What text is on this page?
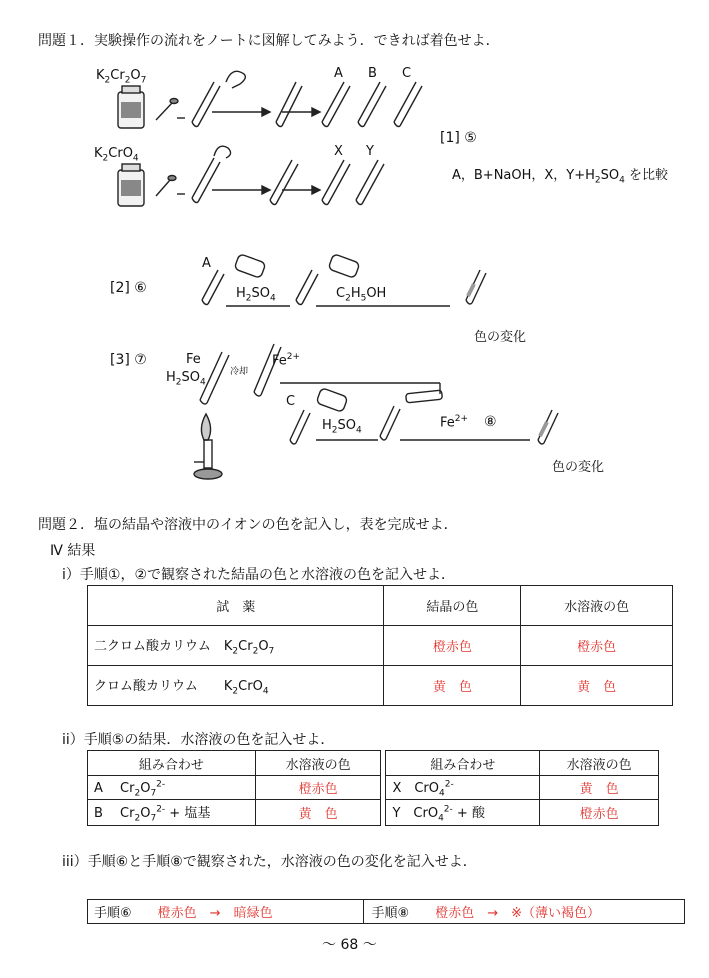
問題１．実験操作の流れをノートに図解してみよう．できれば着色せよ．
$K_2Cr_2O_7$
$K_2CrO_4$
A B C
X Y
[1] ⑤
A，B+NaOH，X，$Y+H_2SO_4$ を比較
[2] ⑥
A
$H_2SO_4$	$C_2H_5OH$
色の変化
[3] ⑦	Fe
$H_2SO_4$
冷却
$Fe^{2+}$
C
$H_2SO_4$
$Fe^{2+}$ ⑧
色の変化
問題２．塩の結晶や溶液中のイオンの色を記入し，表を完成せよ．
Ⅳ 結果
i）手順①，②で観察された結晶の色と水溶液の色を記入せよ．
試　薬	結晶の色	水溶液の色
二クロム酸カリウム　 $K_2Cr_2O_7$	橙赤色	橙赤色
クロム酸カリウム　　 $K_2CrO_4$	黄　色	黄　色
ii）手順⑤の結果．水溶液の色を記入せよ．
組み合わせ	水溶液の色		組み合わせ	水溶液の色
A　 $Cr_2O_7^{2-}$	橙赤色		X　CrO$_4^{2-}$	黄　色
B　 $Cr_2O_7^{2-}$ + 塩基	黄　色		Y　CrO$_4^{2-}$ + 酸	橙赤色
iii）手順⑥と手順⑧で観察された，水溶液の色の変化を記入せよ．
手順⑥　　 橙赤色　→　暗緑色	手順⑧　　 橙赤色　→　※（薄い褐色）
～ 68 ～
